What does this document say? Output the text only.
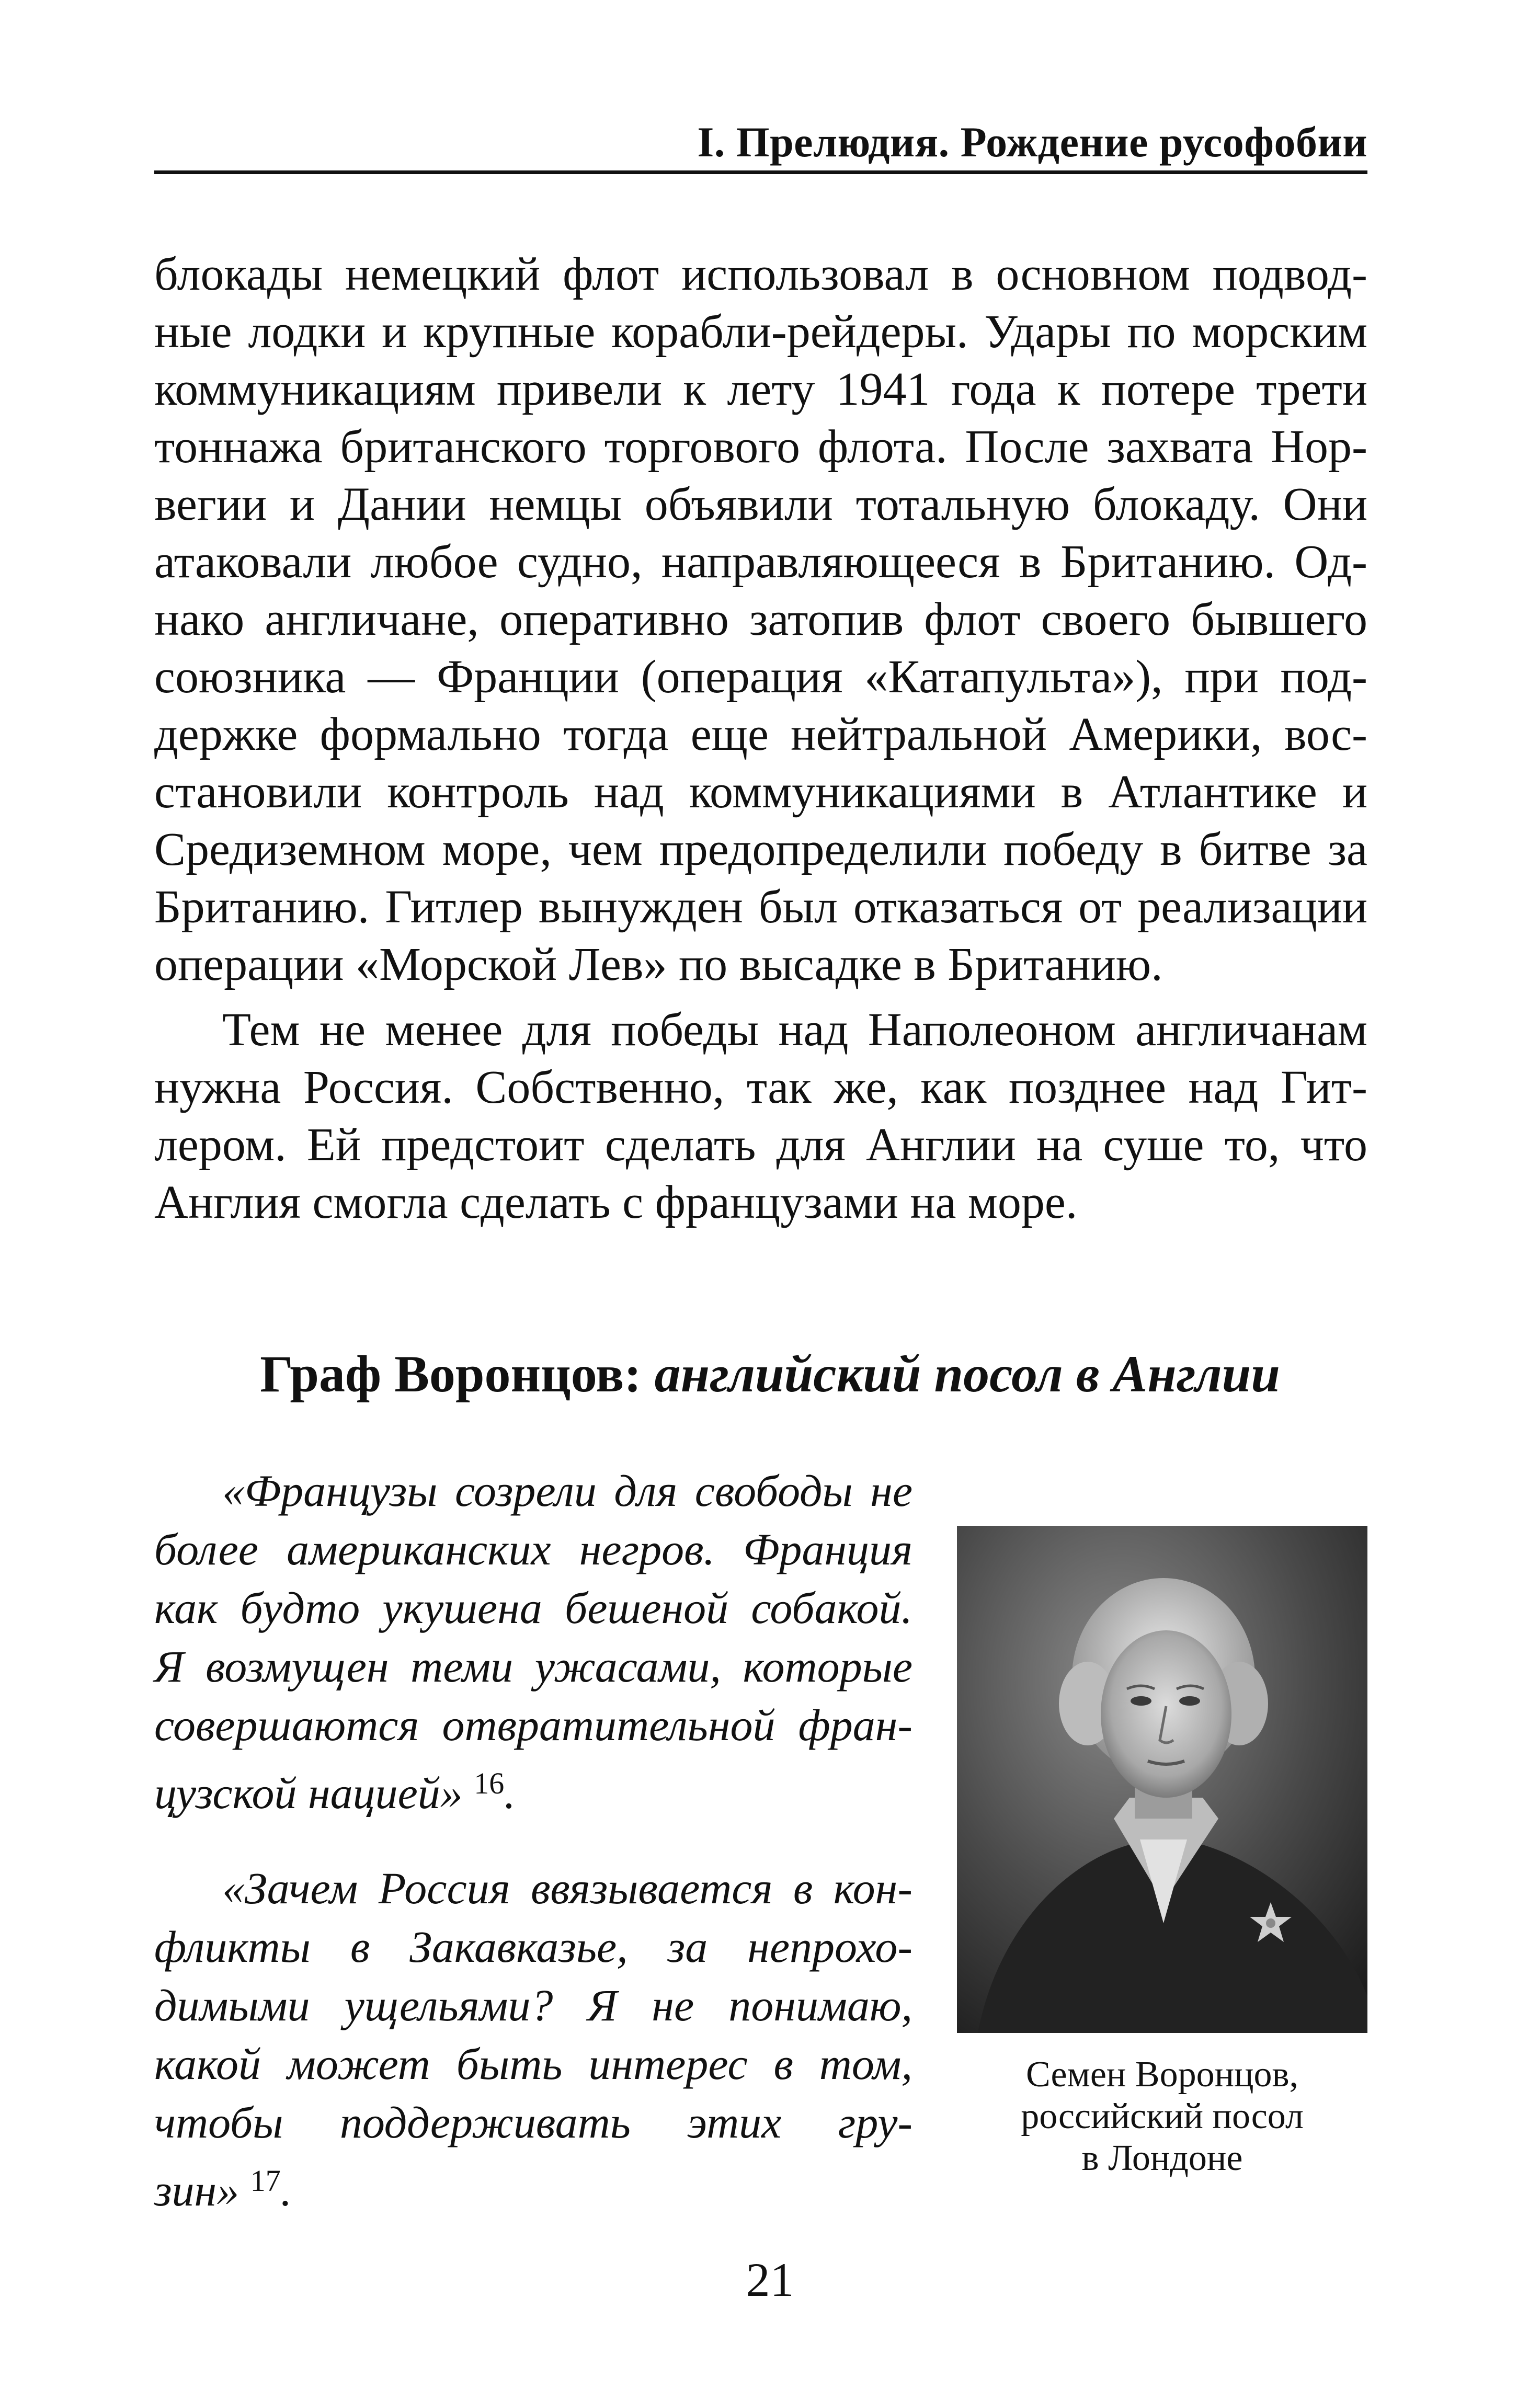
I. Прелюдия. Рождение русофобии
блокады немецкий флот использовал в основном подвод-
ные лодки и крупные корабли-рейдеры. Удары по морским
коммуникациям привели к лету 1941 года к потере трети
тоннажа британского торгового флота. После захвата Нор-
вегии и Дании немцы объявили тотальную блокаду. Они
атаковали любое судно, направляющееся в Британию. Од-
нако англичане, оперативно затопив флот своего бывшего
союзника — Франции (операция «Катапульта»), при под-
держке формально тогда еще нейтральной Америки, вос-
становили контроль над коммуникациями в Атлантике и
Средиземном море, чем предопределили победу в битве за
Британию. Гитлер вынужден был отказаться от реализации
операции «Морской Лев» по высадке в Британию.
Тем не менее для победы над Наполеоном англичанам
нужна Россия. Собственно, так же, как позднее над Гит-
лером. Ей предстоит сделать для Англии на суше то, что
Англия смогла сделать с французами на море.
Граф Воронцов: английский посол в Англии
«Французы созрели для свободы не
более американских негров. Франция
как будто укушена бешеной собакой.
Я возмущен теми ужасами, которые
совершаются отвратительной фран-
цузской нацией» $^{16}$.
«Зачем Россия ввязывается в кон-
фликты в Закавказье, за непрохо-
димыми ущельями? Я не понимаю,
какой может быть интерес в том,
чтобы поддерживать этих гру-
зин» $^{17}$.
Семен Воронцов,
российский посол
в Лондоне
21
